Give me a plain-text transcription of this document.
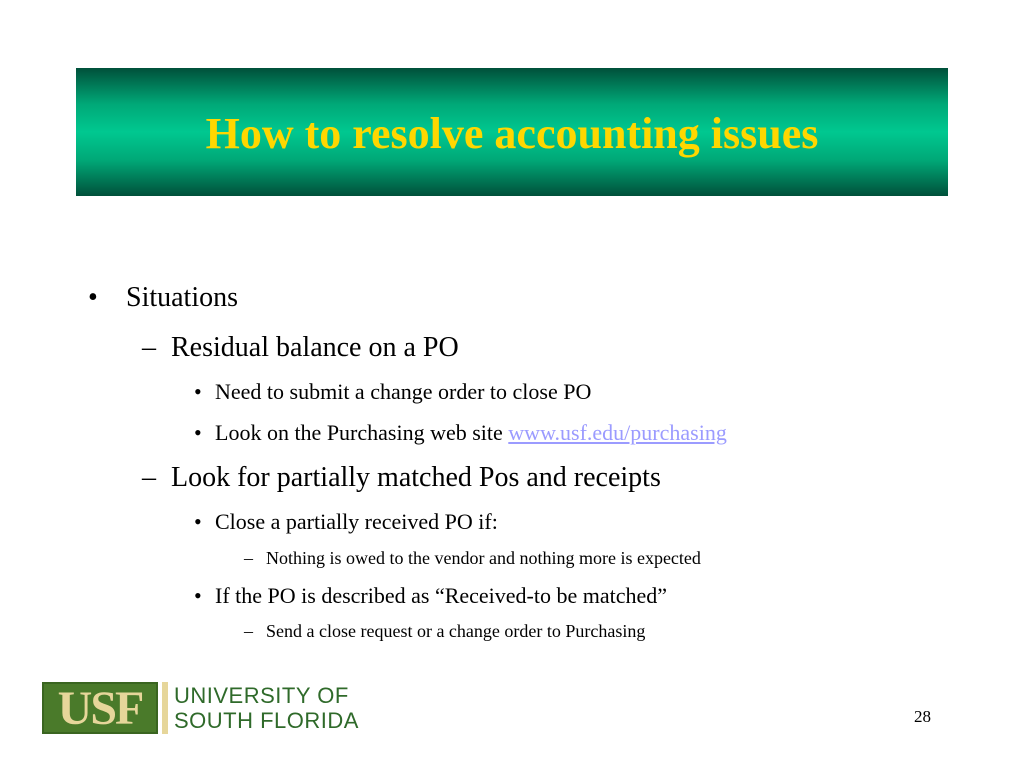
How to resolve accounting issues
• Situations
– Residual balance on a PO
• Need to submit a change order to close PO
• Look on the Purchasing web site www.usf.edu/purchasing
– Look for partially matched Pos and receipts
• Close a partially received PO if:
– Nothing is owed to the vendor and nothing more is expected
• If the PO is described as “Received-to be matched”
– Send a close request or a change order to Purchasing
USF	UNIVERSITY OF
SOUTH FLORIDA	28
